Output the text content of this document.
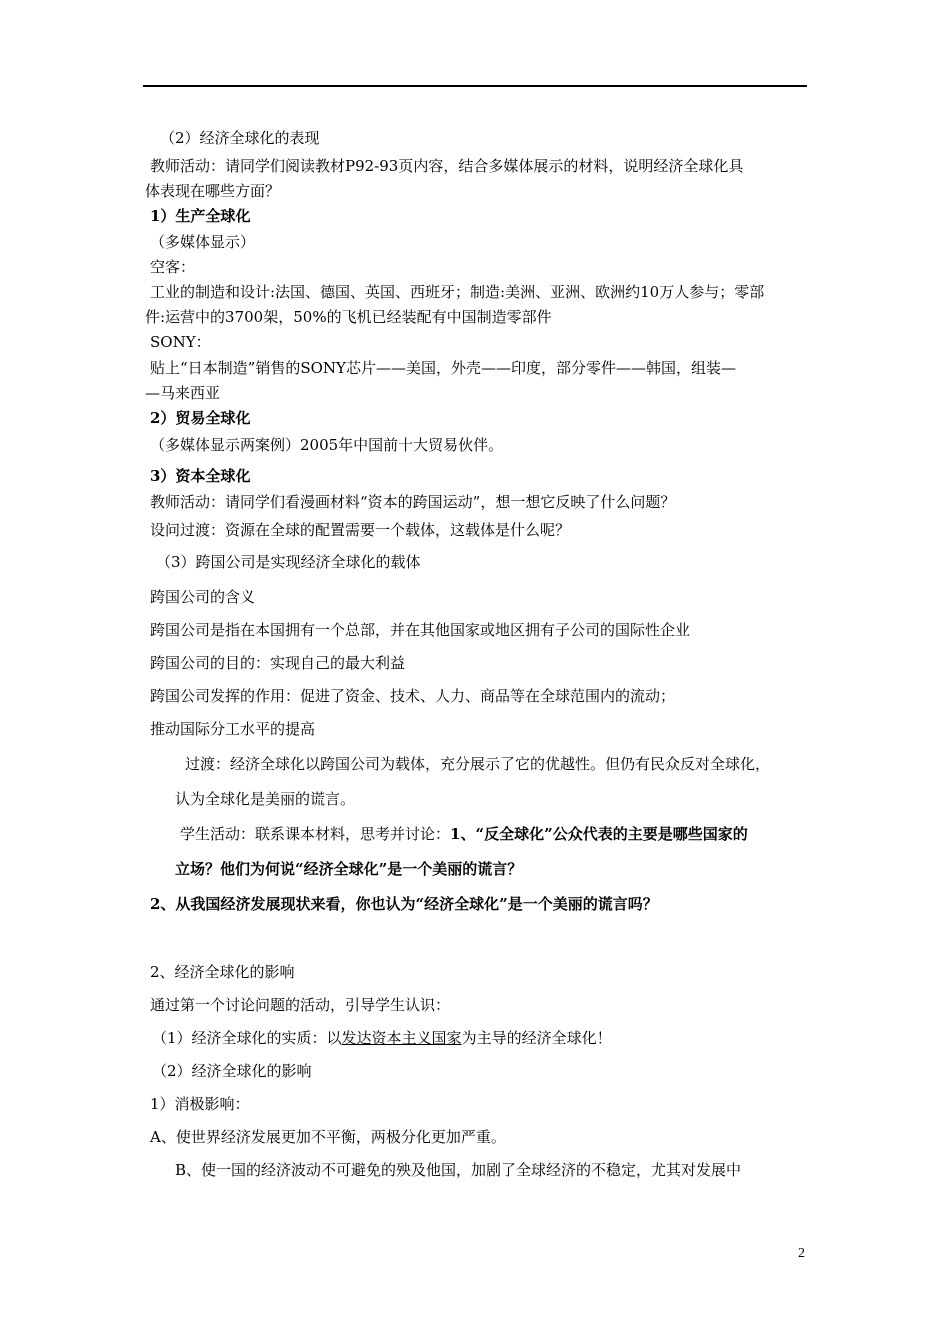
（2）经济全球化的表现
教师活动：请同学们阅读教材P92-93页内容，结合多媒体展示的材料，说明经济全球化具
体表现在哪些方面？
1）生产全球化
（多媒体显示）
空客：
工业的制造和设计:法国、德国、英国、西班牙；制造:美洲、亚洲、欧洲约10万人参与；零部
件:运营中的3700架，50%的飞机已经装配有中国制造零部件
SONY：
贴上“日本制造”销售的SONY芯片——美国，外壳——印度，部分零件——韩国，组装—
—马来西亚
2）贸易全球化
（多媒体显示两案例）2005年中国前十大贸易伙伴。
3）资本全球化
教师活动：请同学们看漫画材料“资本的跨国运动”，想一想它反映了什么问题？
设问过渡：资源在全球的配置需要一个载体，这载体是什么呢？
（3）跨国公司是实现经济全球化的载体
跨国公司的含义
跨国公司是指在本国拥有一个总部，并在其他国家或地区拥有子公司的国际性企业
跨国公司的目的：实现自己的最大利益
跨国公司发挥的作用：促进了资金、技术、人力、商品等在全球范围内的流动；
推动国际分工水平的提高
过渡：经济全球化以跨国公司为载体，充分展示了它的优越性。但仍有民众反对全球化，
认为全球化是美丽的谎言。
学生活动：联系课本材料，思考并讨论：1、“反全球化”公众代表的主要是哪些国家的
立场？他们为何说“经济全球化”是一个美丽的谎言？
2、从我国经济发展现状来看，你也认为“经济全球化”是一个美丽的谎言吗？
2、经济全球化的影响
通过第一个讨论问题的活动，引导学生认识：
（1）经济全球化的实质：以发达资本主义国家为主导的经济全球化！
（2）经济全球化的影响
1）消极影响：
A、使世界经济发展更加不平衡，两极分化更加严重。
B、使一国的经济波动不可避免的殃及他国，加剧了全球经济的不稳定，尤其对发展中
2
